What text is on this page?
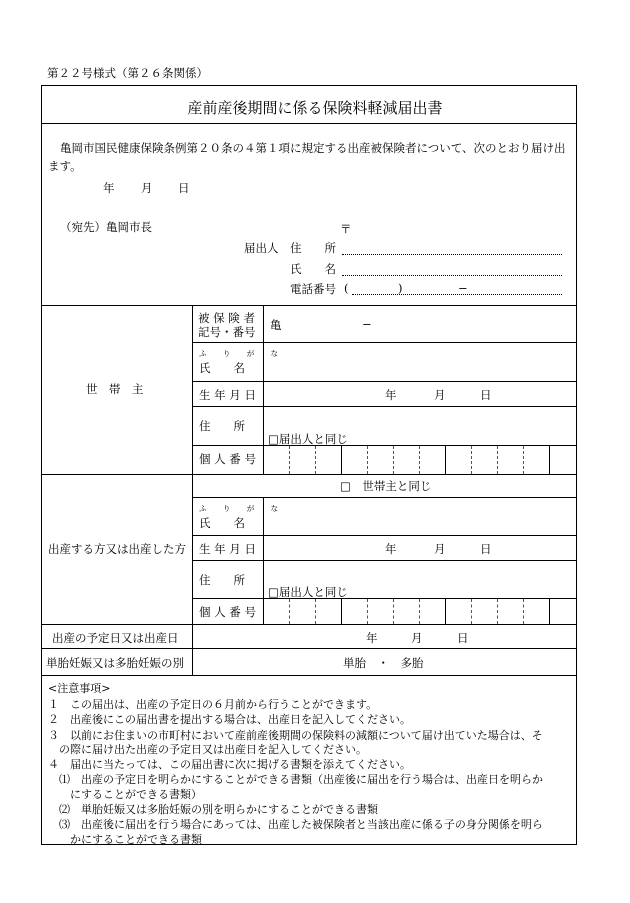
第２２号様式（第２６条関係）
産前産後期間に係る保険料軽減届出書
亀岡市国民健康保険条例第２０条の４第１項に規定する出産被保険者について、次のとおり届け出
ます。
年 月 日
（宛先）亀岡市長	〒
届出人 住　　所
氏　　名
電話番号 (	)	−
世　帯　主
被 保 険 者
記号・番号 亀	−
ふ り が な
氏　　名
生 年 月 日	年	月	日
住　　所
□届出人と同じ
個 人 番 号
□　世帯主と同じ
出産する方又は出産した方
ふ り が な
氏　　名
生 年 月 日	年	月	日
住　　所
□届出人と同じ
個 人 番 号
出産の予定日又は出産日	年	月	日
単胎妊娠又は多胎妊娠の別	単胎　・　多胎
<注意事項>
１　この届出は、出産の予定日の６月前から行うことができます。
２　出産後にこの届出書を提出する場合は、出産日を記入してください。
３　以前にお住まいの市町村において産前産後期間の保険料の減額について届け出ていた場合は、そ
　の際に届け出た出産の予定日又は出産日を記入してください。
４　届出に当たっては、この届出書に次に掲げる書類を添えてください。
　⑴　出産の予定日を明らかにすることができる書類（出産後に届出を行う場合は、出産日を明らか
　　にすることができる書類）
　⑵　単胎妊娠又は多胎妊娠の別を明らかにすることができる書類
　⑶　出産後に届出を行う場合にあっては、出産した被保険者と当該出産に係る子の身分関係を明ら
　　かにすることができる書類
